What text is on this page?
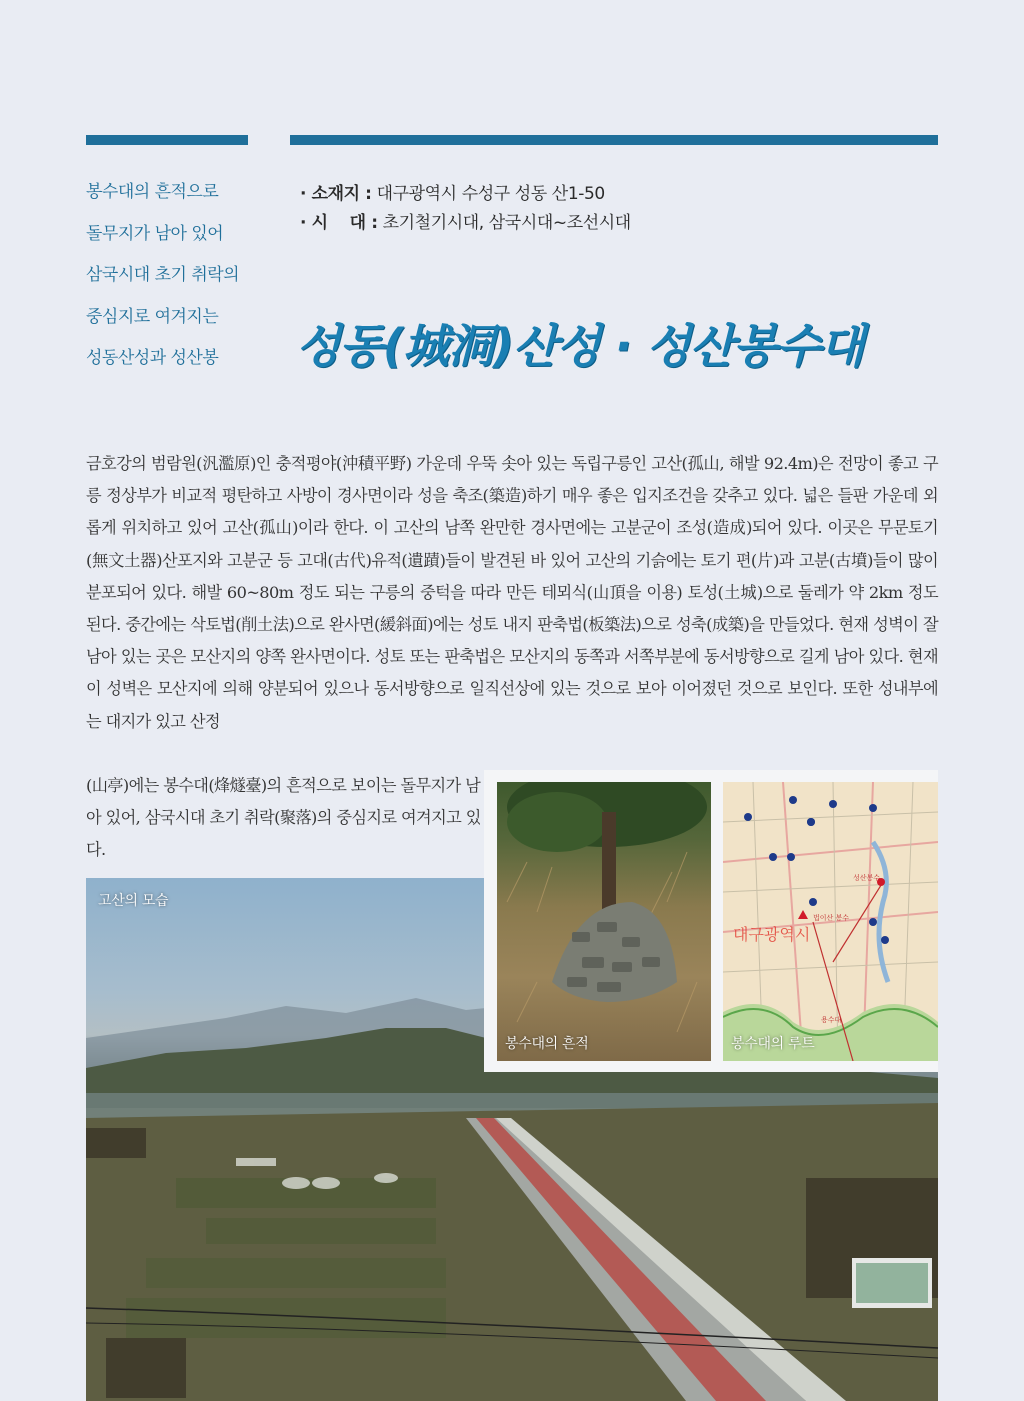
봉수대의 흔적으로
돌무지가 남아 있어
삼국시대 초기 취락의
중심지로 여겨지는
성동산성과 성산봉
· 소재지 : 대구광역시 수성구 성동 산1-50
· 시    대 : 초기철기시대, 삼국시대~조선시대
성동(城洞)산성 · 성산봉수대

금호강의 범람원(汎濫原)인 충적평야(沖積平野) 가운데 우뚝 솟아 있는 독립구릉인 고산(孤山, 해발 92.4m)은 전망이 좋고 구릉 정상부가 비교적 평탄하고 사방이 경사면이라 성을 축조(築造)하기 매우 좋은 입지조건을 갖추고 있다. 넓은 들판 가운데 외롭게 위치하고 있어 고산(孤山)이라 한다. 이 고산의 남쪽 완만한 경사면에는 고분군이 조성(造成)되어 있다. 이곳은 무문토기(無文土器)산포지와 고분군 등 고대(古代)유적(遺蹟)들이 발견된 바 있어 고산의 기슭에는 토기 편(片)과 고분(古墳)들이 많이 분포되어 있다. 해발 60~80m 정도 되는 구릉의 중턱을 따라 만든 테뫼식(山頂을 이용) 토성(土城)으로 둘레가 약 2km 정도 된다. 중간에는 삭토법(削土法)으로 완사면(緩斜面)에는 성토 내지 판축법(板築法)으로 성축(成築)을 만들었다. 현재 성벽이 잘 남아 있는 곳은 모산지의 양쪽 완사면이다. 성토 또는 판축법은 모산지의 동쪽과 서쪽부분에 동서방향으로 길게 남아 있다. 현재 이 성벽은 모산지에 의해 양분되어 있으나 동서방향으로 일직선상에 있는 것으로 보아 이어졌던 것으로 보인다. 또한 성내부에는 대지가 있고 산정

(山亭)에는 봉수대(烽燧臺)의 흔적으로 보이는 돌무지가 남아 있어, 삼국시대 초기 취락(聚落)의 중심지로 여겨지고 있다.

고산의 모습
봉수대의 흔적
대구광역시
법이산 봉수
성산봉수
용수대
봉수대의 루트
